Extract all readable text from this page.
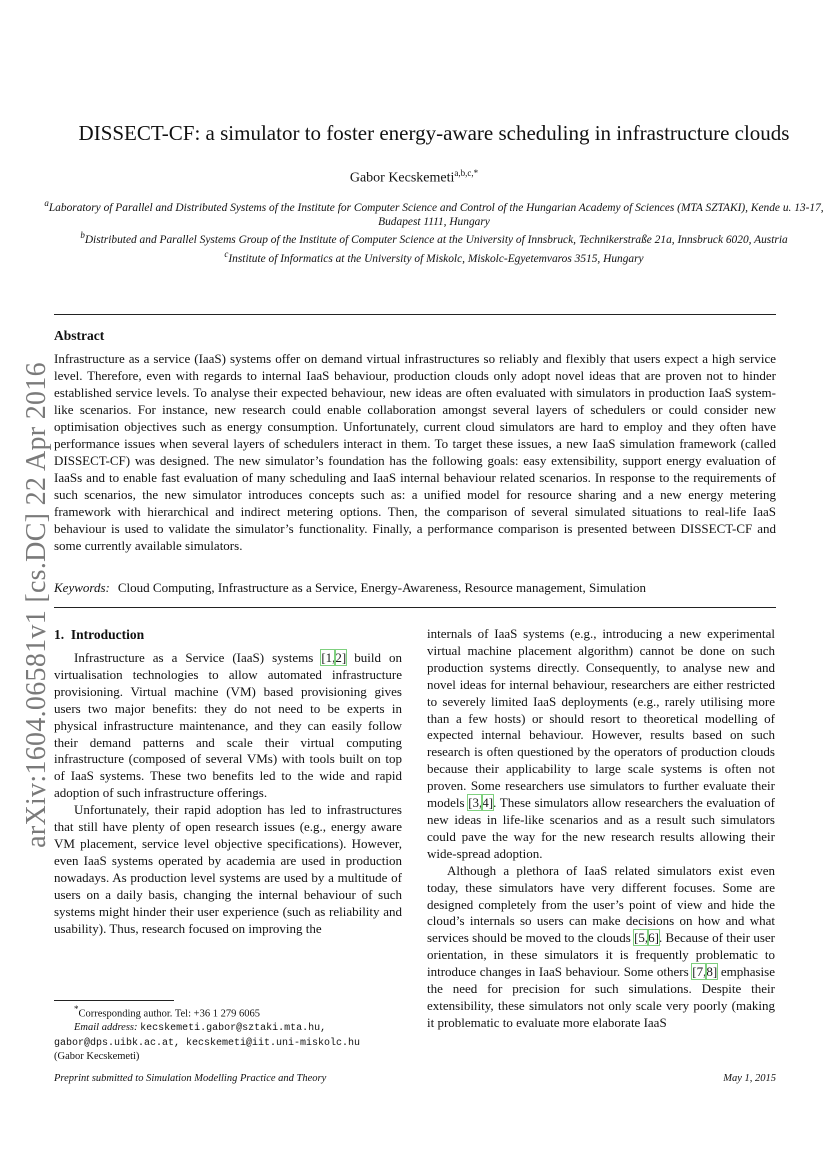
arXiv:1604.06581v1 [cs.DC] 22 Apr 2016
DISSECT-CF: a simulator to foster energy-aware scheduling in infrastructure clouds
Gabor Kecskemeti$^{a,b,c,*}$

$^a$Laboratory of Parallel and Distributed Systems of the Institute for Computer Science and Control of the Hungarian Academy of Sciences (MTA SZTAKI), Kende u. 13-17, Budapest 1111, Hungary

$^b$Distributed and Parallel Systems Group of the Institute of Computer Science at the University of Innsbruck, Technikerstraße 21a, Innsbruck 6020, Austria

$^c$Institute of Informatics at the University of Miskolc, Miskolc-Egyetemvaros 3515, Hungary

Abstract

Infrastructure as a service (IaaS) systems offer on demand virtual infrastructures so reliably and flexibly that users expect a high service level. Therefore, even with regards to internal IaaS behaviour, production clouds only adopt novel ideas that are proven not to hinder established service levels. To analyse their expected behaviour, new ideas are often evaluated with simulators in production IaaS system-like scenarios. For instance, new research could enable collaboration amongst several layers of schedulers or could consider new optimisation objectives such as energy consumption. Unfortunately, current cloud simulators are hard to employ and they often have performance issues when several layers of schedulers interact in them. To target these issues, a new IaaS simulation framework (called DISSECT-CF) was designed. The new simulator’s foundation has the following goals: easy extensibility, support energy evaluation of IaaSs and to enable fast evaluation of many scheduling and IaaS internal behaviour related scenarios. In response to the requirements of such scenarios, the new simulator introduces concepts such as: a unified model for resource sharing and a new energy metering framework with hierarchical and indirect metering options. Then, the comparison of several simulated situations to real-life IaaS behaviour is used to validate the simulator’s functionality. Finally, a performance comparison is presented between DISSECT-CF and some currently available simulators.

Keywords: Cloud Computing, Infrastructure as a Service, Energy-Awareness, Resource management, Simulation
1. Introduction

Infrastructure as a Service (IaaS) systems [1,2] build on virtualisation technologies to allow automated infrastructure provisioning. Virtual machine (VM) based provisioning gives users two major benefits: they do not need to be experts in physical infrastructure maintenance, and they can easily follow their demand patterns and scale their virtual computing infrastructure (composed of several VMs) with tools built on top of IaaS systems. These two benefits led to the wide and rapid adoption of such infrastructure offerings.

Unfortunately, their rapid adoption has led to infrastructures that still have plenty of open research issues (e.g., energy aware VM placement, service level objective specifications). However, even IaaS systems operated by academia are used in production nowadays. As production level systems are used by a multitude of users on a daily basis, changing the internal behaviour of such systems might hinder their user experience (such as reliability and usability). Thus, research focused on improving the

internals of IaaS systems (e.g., introducing a new experimental virtual machine placement algorithm) cannot be done on such production systems directly. Consequently, to analyse new and novel ideas for internal behaviour, researchers are either restricted to severely limited IaaS deployments (e.g., rarely utilising more than a few hosts) or should resort to theoretical modelling of expected internal behaviour. However, results based on such research is often questioned by the operators of production clouds because their applicability to large scale systems is often not proven. Some researchers use simulators to further evaluate their models [3,4]. These simulators allow researchers the evaluation of new ideas in life-like scenarios and as a result such simulators could pave the way for the new research results allowing their wide-spread adoption.

Although a plethora of IaaS related simulators exist even today, these simulators have very different focuses. Some are designed completely from the user’s point of view and hide the cloud’s internals so users can make decisions on how and what services should be moved to the clouds [5,6]. Because of their user orientation, in these simulators it is frequently problematic to introduce changes in IaaS behaviour. Some others [7,8] emphasise the need for precision for such simulations. Despite their extensibility, these simulators not only scale very poorly (making it problematic to evaluate more elaborate IaaS

*Corresponding author. Tel: +36 1 279 6065

Email address: kecskemeti.gabor@sztaki.mta.hu,

gabor@dps.uibk.ac.at, kecskemeti@iit.uni-miskolc.hu

(Gabor Kecskemeti)

Preprint submitted to Simulation Modelling Practice and Theory	May 1, 2015
